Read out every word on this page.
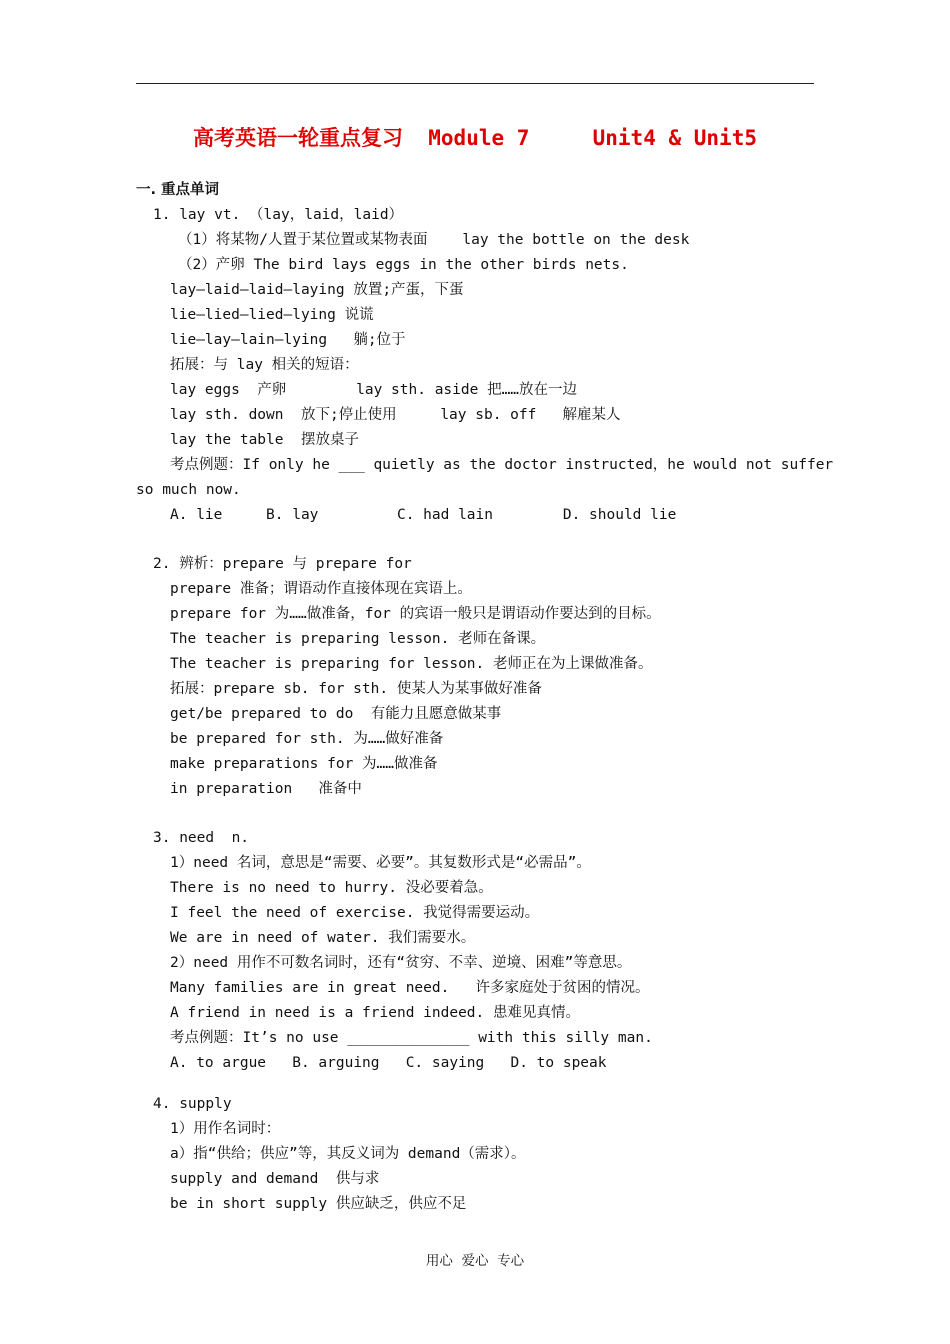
高考英语一轮重点复习  Module 7     Unit4 & Unit5
一. 重点单词
1. lay vt. （lay，laid，laid）
（1）将某物/人置于某位置或某物表面    lay the bottle on the desk
（2）产卵 The bird lays eggs in the other birds nets.
lay—laid—laid—laying 放置;产蛋，下蛋
lie—lied—lied—lying 说谎
lie—lay—lain—lying   躺;位于
拓展：与 lay 相关的短语：
lay eggs  产卵        lay sth. aside 把……放在一边
lay sth. down  放下;停止使用     lay sb. off   解雇某人
lay the table  摆放桌子
考点例题：If only he ___ quietly as the doctor instructed，he would not suffer
so much now.
A. lie     B. lay         C. had lain        D. should lie
2. 辨析：prepare 与 prepare for
prepare 准备；谓语动作直接体现在宾语上。
prepare for 为……做准备，for 的宾语一般只是谓语动作要达到的目标。
The teacher is preparing lesson. 老师在备课。
The teacher is preparing for lesson. 老师正在为上课做准备。
拓展：prepare sb. for sth. 使某人为某事做好准备
get/be prepared to do  有能力且愿意做某事
be prepared for sth. 为……做好准备
make preparations for 为……做准备
in preparation   准备中
3. need  n.
1）need 名词，意思是“需要、必要”。其复数形式是“必需品”。
There is no need to hurry. 没必要着急。
I feel the need of exercise. 我觉得需要运动。
We are in need of water. 我们需要水。
2）need 用作不可数名词时，还有“贫穷、不幸、逆境、困难”等意思。
Many families are in great need.   许多家庭处于贫困的情况。
A friend in need is a friend indeed. 患难见真情。
考点例题：It’s no use ______________ with this silly man.
A. to argue   B. arguing   C. saying   D. to speak
4. supply
1）用作名词时：
a）指“供给；供应”等，其反义词为 demand（需求）。
supply and demand  供与求
be in short supply 供应缺乏，供应不足
用心  爱心  专心
